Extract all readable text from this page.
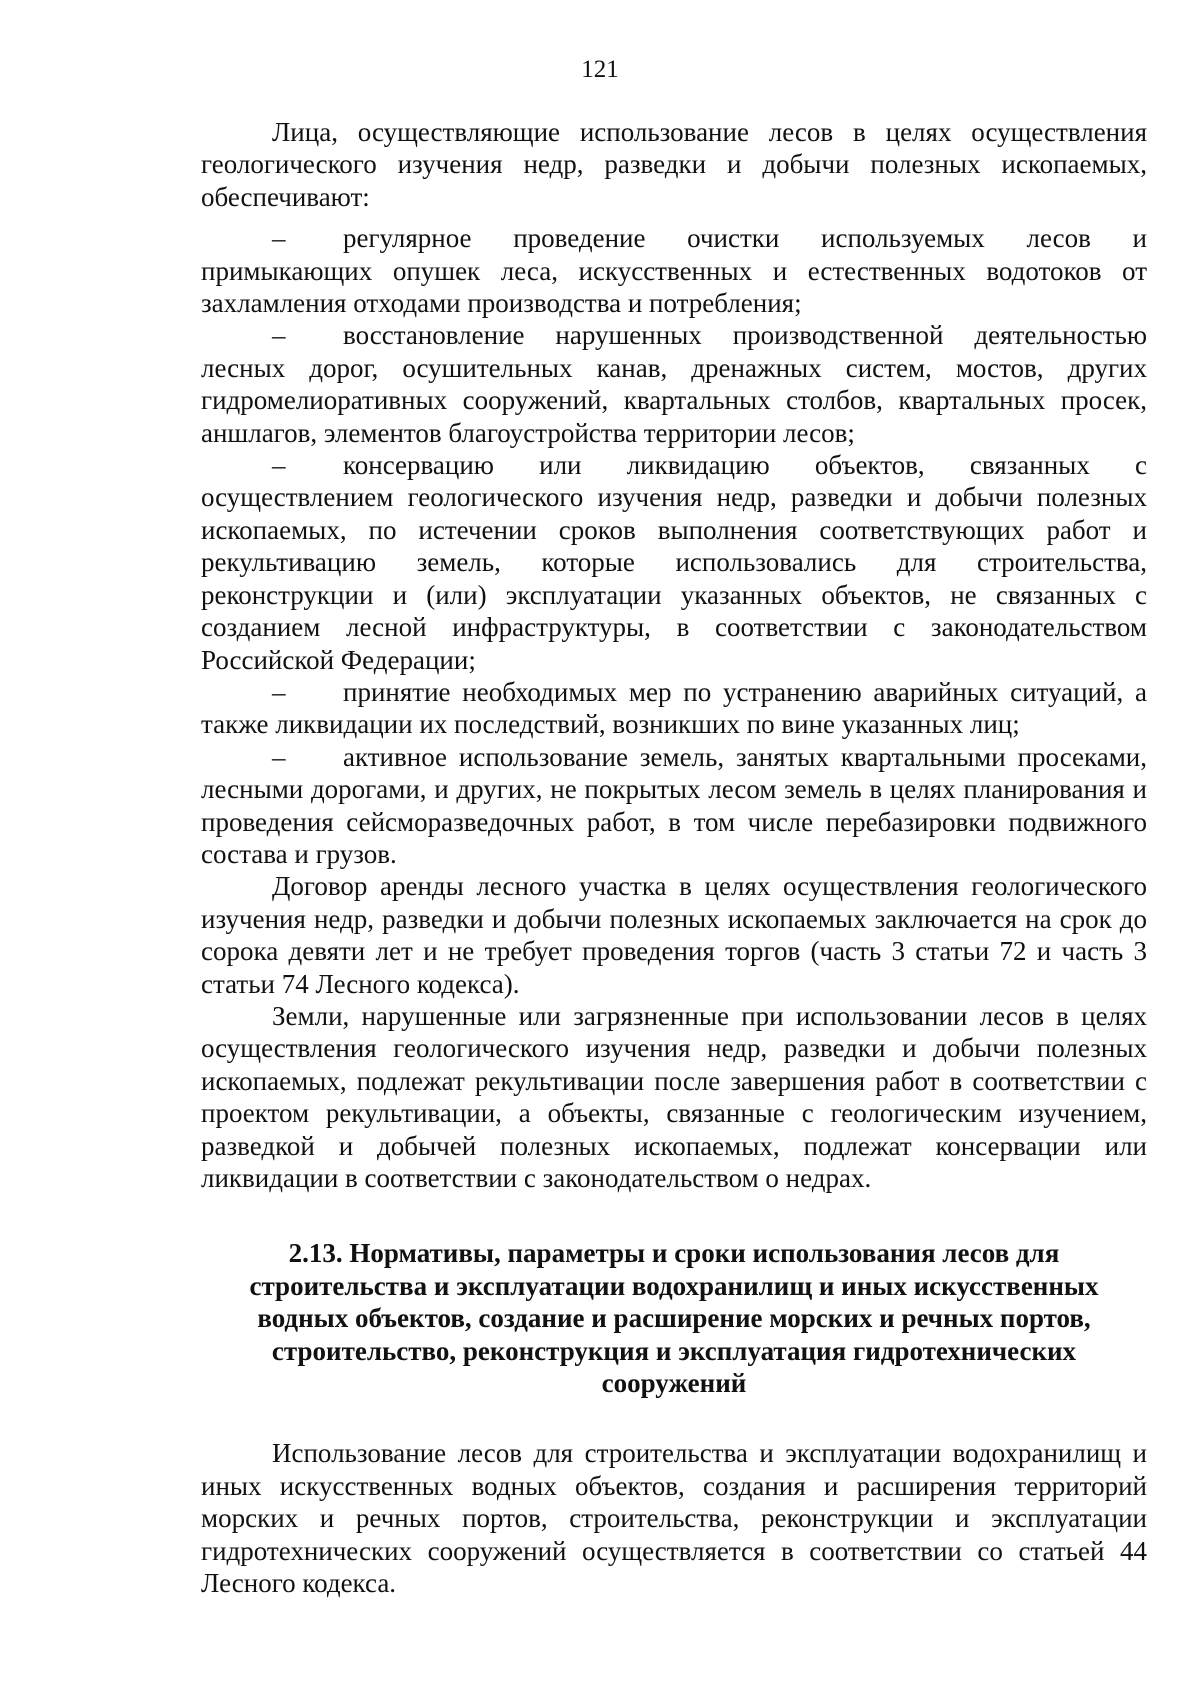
121

Лица, осуществляющие использование лесов в целях осуществления геологического изучения недр, разведки и добычи полезных ископаемых, обеспечивают:

– регулярное проведение очистки используемых лесов и примыкающих опушек леса, искусственных и естественных водотоков от захламления отходами производства и потребления;

– восстановление нарушенных производственной деятельностью лесных дорог, осушительных канав, дренажных систем, мостов, других гидромелиоративных сооружений, квартальных столбов, квартальных просек, аншлагов, элементов благоустройства территории лесов;

– консервацию или ликвидацию объектов, связанных с осуществлением геологического изучения недр, разведки и добычи полезных ископаемых, по истечении сроков выполнения соответствующих работ и рекультивацию земель, которые использовались для строительства, реконструкции и (или) эксплуатации указанных объектов, не связанных с созданием лесной инфраструктуры, в соответствии с законодательством Российской Федерации;

– принятие необходимых мер по устранению аварийных ситуаций, а также ликвидации их последствий, возникших по вине указанных лиц;

– активное использование земель, занятых квартальными просеками, лесными дорогами, и других, не покрытых лесом земель в целях планирования и проведения сейсморазведочных работ, в том числе перебазировки подвижного состава и грузов.

Договор аренды лесного участка в целях осуществления геологического изучения недр, разведки и добычи полезных ископаемых заключается на срок до сорока девяти лет и не требует проведения торгов (часть 3 статьи 72 и часть 3 статьи 74 Лесного кодекса).

Земли, нарушенные или загрязненные при использовании лесов в целях осуществления геологического изучения недр, разведки и добычи полезных ископаемых, подлежат рекультивации после завершения работ в соответствии с проектом рекультивации, а объекты, связанные с геологическим изучением, разведкой и добычей полезных ископаемых, подлежат консервации или ликвидации в соответствии с законодательством о недрах.

2.13. Нормативы, параметры и сроки использования лесов для строительства и эксплуатации водохранилищ и иных искусственных водных объектов, создание и расширение морских и речных портов, строительство, реконструкция и эксплуатация гидротехнических сооружений

Использование лесов для строительства и эксплуатации водохранилищ и иных искусственных водных объектов, создания и расширения территорий морских и речных портов, строительства, реконструкции и эксплуатации гидротехнических сооружений осуществляется в соответствии со статьей 44 Лесного кодекса.
